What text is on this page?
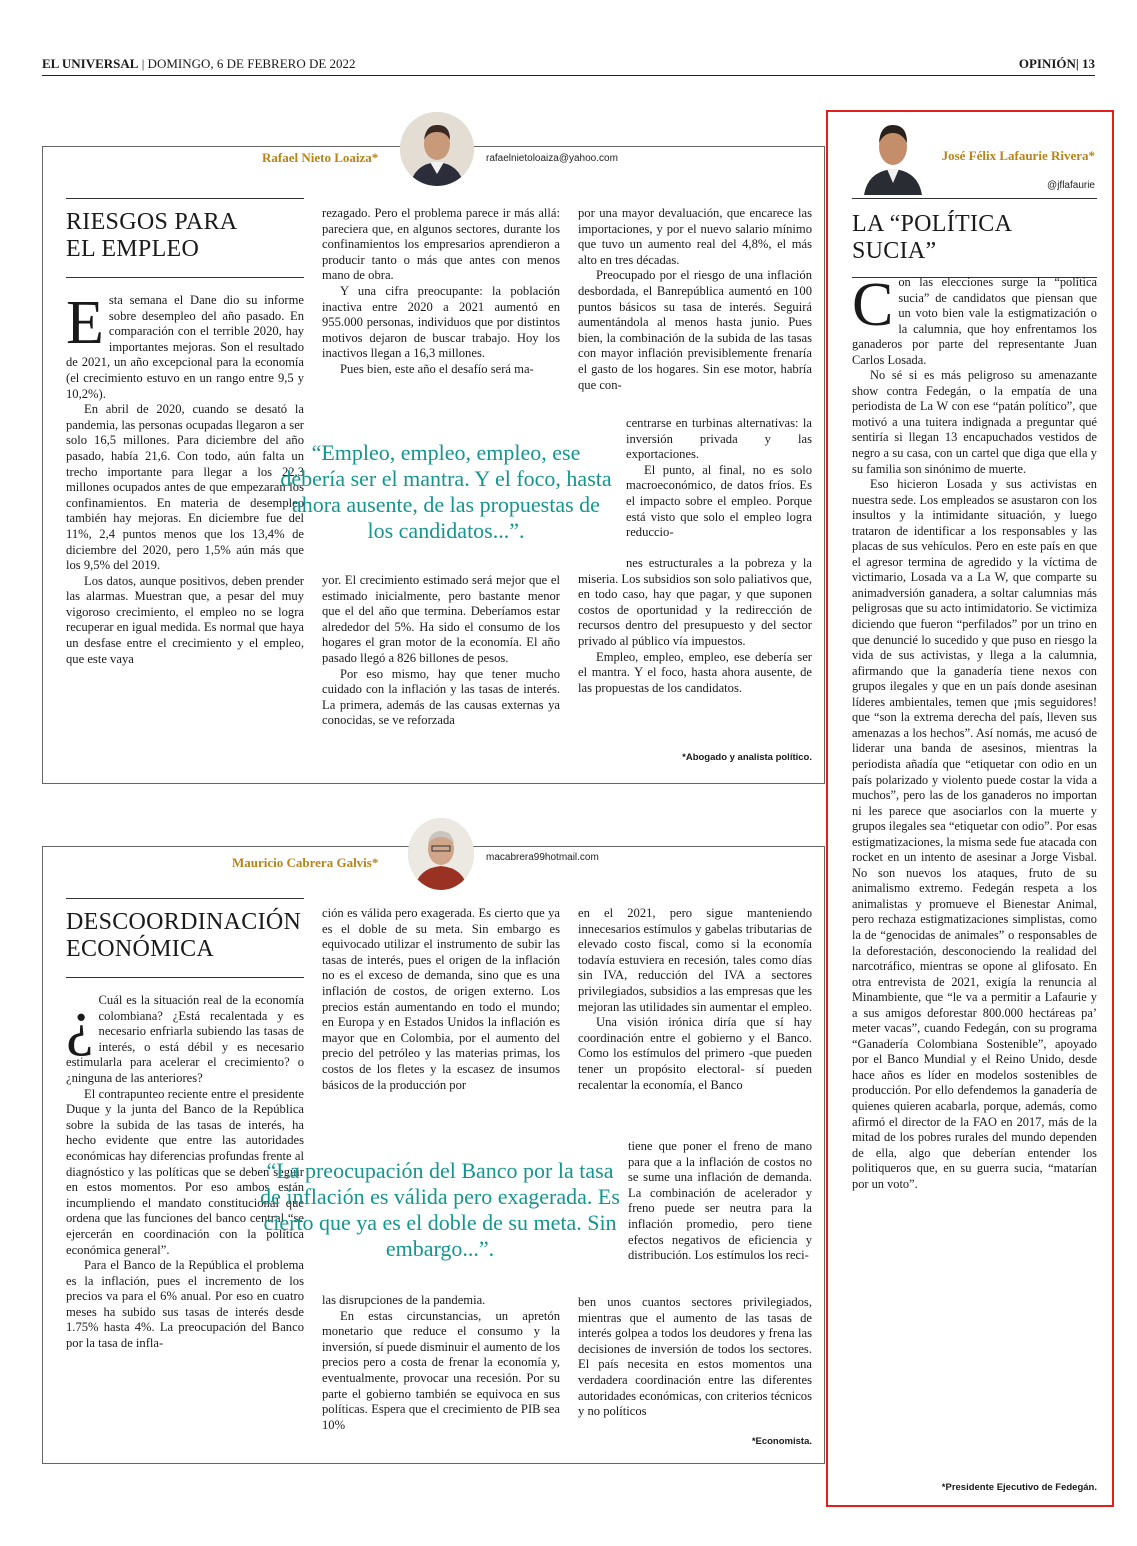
EL UNIVERSAL | DOMINGO, 6 DE FEBRERO DE 2022	OPINIÓN| 13
Rafael Nieto Loaiza*	rafaelnietoloaiza@yahoo.com
RIESGOS PARA EL EMPLEO

Esta semana el Dane dio su informe sobre desempleo del año pasado. En comparación con el terrible 2020, hay importantes mejoras. Son el resultado de 2021, un año excepcional para la economía (el crecimiento estuvo en un rango entre 9,5 y 10,2%).

En abril de 2020, cuando se desató la pandemia, las personas ocupadas llegaron a ser solo 16,5 millones. Para diciembre del año pasado, había 21,6. Con todo, aún falta un trecho importante para llegar a los 22,3 millones ocupados antes de que empezaran los confinamientos. En materia de desempleo también hay mejoras. En diciembre fue del 11%, 2,4 puntos menos que los 13,4% de diciembre del 2020, pero 1,5% aún más que los 9,5% del 2019.

Los datos, aunque positivos, deben prender las alarmas. Muestran que, a pesar del muy vigoroso crecimiento, el empleo no se logra recuperar en igual medida. Es normal que haya un desfase entre el crecimiento y el empleo, que este vaya

rezagado. Pero el problema parece ir más allá: pareciera que, en algunos sectores, durante los confinamientos los empresarios aprendieron a producir tanto o más que antes con menos mano de obra.

Y una cifra preocupante: la población inactiva entre 2020 a 2021 aumentó en 955.000 personas, individuos que por distintos motivos dejaron de buscar trabajo. Hoy los inactivos llegan a 16,3 millones.

Pues bien, este año el desafío será ma-

“Empleo, empleo, empleo, ese debería ser el mantra. Y el foco, hasta ahora ausente, de las propuestas de los candidatos...”.

yor. El crecimiento estimado será mejor que el estimado inicialmente, pero bastante menor que el del año que termina. Deberíamos estar alrededor del 5%. Ha sido el consumo de los hogares el gran motor de la economía. El año pasado llegó a 826 billones de pesos.

Por eso mismo, hay que tener mucho cuidado con la inflación y las tasas de interés. La primera, además de las causas externas ya conocidas, se ve reforzada

por una mayor devaluación, que encarece las importaciones, y por el nuevo salario mínimo que tuvo un aumento real del 4,8%, el más alto en tres décadas.

Preocupado por el riesgo de una inflación desbordada, el Banrepública aumentó en 100 puntos básicos su tasa de interés. Seguirá aumentándola al menos hasta junio. Pues bien, la combinación de la subida de las tasas con mayor inflación previsiblemente frenaría el gasto de los hogares. Sin ese motor, habría que con-

centrarse en turbinas alternativas: la inversión privada y las exportaciones.

El punto, al final, no es solo macroeconómico, de datos fríos. Es el impacto sobre el empleo. Porque está visto que solo el empleo logra reduccio-

nes estructurales a la pobreza y la miseria. Los subsidios son solo paliativos que, en todo caso, hay que pagar, y que suponen costos de oportunidad y la redirección de recursos dentro del presupuesto y del sector privado al público vía impuestos.

Empleo, empleo, empleo, ese debería ser el mantra. Y el foco, hasta ahora ausente, de las propuestas de los candidatos.

*Abogado y analista político.
Mauricio Cabrera Galvis*	macabrera99hotmail.com
DESCOORDINACIÓN ECONÓMICA

¿ Cuál es la situación real de la economía colombiana? ¿Está recalentada y es necesario enfriarla subiendo las tasas de interés, o está débil y es necesario estimularla para acelerar el crecimiento? o ¿ninguna de las anteriores?

El contrapunteo reciente entre el presidente Duque y la junta del Banco de la República sobre la subida de las tasas de interés, ha hecho evidente que entre las autoridades económicas hay diferencias profundas frente al diagnóstico y las políticas que se deben seguir en estos momentos. Por eso ambos están incumpliendo el mandato constitucional que ordena que las funciones del banco central “se ejercerán en coordinación con la política económica general”.

Para el Banco de la República el problema es la inflación, pues el incremento de los precios va para el 6% anual. Por eso en cuatro meses ha subido sus tasas de interés desde 1.75% hasta 4%. La preocupación del Banco por la tasa de infla-

ción es válida pero exagerada. Es cierto que ya es el doble de su meta. Sin embargo es equivocado utilizar el instrumento de subir las tasas de interés, pues el origen de la inflación no es el exceso de demanda, sino que es una inflación de costos, de origen externo. Los precios están aumentando en todo el mundo; en Europa y en Estados Unidos la inflación es mayor que en Colombia, por el aumento del precio del petróleo y las materias primas, los costos de los fletes y la escasez de insumos básicos de la producción por

“La preocupación del Banco por la tasa de inflación es válida pero exagerada. Es cierto que ya es el doble de su meta. Sin embargo...”.

las disrupciones de la pandemia.

En estas circunstancias, un apretón monetario que reduce el consumo y la inversión, sí puede disminuir el aumento de los precios pero a costa de frenar la economía y, eventualmente, provocar una recesión. Por su parte el gobierno también se equivoca en sus políticas. Espera que el crecimiento de PIB sea 10%

en el 2021, pero sigue manteniendo innecesarios estímulos y gabelas tributarias de elevado costo fiscal, como si la economía todavía estuviera en recesión, tales como días sin IVA, reducción del IVA a sectores privilegiados, subsidios a las empresas que les mejoran las utilidades sin aumentar el empleo.

Una visión irónica diría que sí hay coordinación entre el gobierno y el Banco. Como los estímulos del primero -que pueden tener un propósito electoral- sí pueden recalentar la economía, el Banco

tiene que poner el freno de mano para que a la inflación de costos no se sume una inflación de demanda. La combinación de acelerador y freno puede ser neutra para la inflación promedio, pero tiene efectos negativos de eficiencia y distribución. Los estímulos los reci-

ben unos cuantos sectores privilegiados, mientras que el aumento de las tasas de interés golpea a todos los deudores y frena las decisiones de inversión de todos los sectores. El país necesita en estos momentos una verdadera coordinación entre las diferentes autoridades económicas, con criterios técnicos y no políticos

*Economista.
José Félix Lafaurie Rivera*
@jflafaurie
LA “POLÍTICA SUCIA”

Con las elecciones surge la “política sucia” de candidatos que piensan que un voto bien vale la estigmatización o la calumnia, que hoy enfrentamos los ganaderos por parte del representante Juan Carlos Losada.

No sé si es más peligroso su amenazante show contra Fedegán, o la empatía de una periodista de La W con ese “patán político”, que motivó a una tuitera indignada a preguntar qué sentiría si llegan 13 encapuchados vestidos de negro a su casa, con un cartel que diga que ella y su familia son sinónimo de muerte.

Eso hicieron Losada y sus activistas en nuestra sede. Los empleados se asustaron con los insultos y la intimidante situación, y luego trataron de identificar a los responsables y las placas de sus vehículos. Pero en este país en que el agresor termina de agredido y la víctima de victimario, Losada va a La W, que comparte su animadversión ganadera, a soltar calumnias más peligrosas que su acto intimidatorio. Se victimiza diciendo que fueron “perfilados” por un trino en que denuncié lo sucedido y que puso en riesgo la vida de sus activistas, y llega a la calumnia, afirmando que la ganadería tiene nexos con grupos ilegales y que en un país donde asesinan líderes ambientales, temen que ¡mis seguidores! que “son la extrema derecha del país, lleven sus amenazas a los hechos”. Así nomás, me acusó de liderar una banda de asesinos, mientras la periodista añadía que “etiquetar con odio en un país polarizado y violento puede costar la vida a muchos”, pero las de los ganaderos no importan ni les parece que asociarlos con la muerte y grupos ilegales sea “etiquetar con odio”. Por esas estigmatizaciones, la misma sede fue atacada con rocket en un intento de asesinar a Jorge Visbal. No son nuevos los ataques, fruto de su animalismo extremo. Fedegán respeta a los animalistas y promueve el Bienestar Animal, pero rechaza estigmatizaciones simplistas, como la de “genocidas de animales” o responsables de la deforestación, desconociendo la realidad del narcotráfico, mientras se opone al glifosato. En otra entrevista de 2021, exigía la renuncia al Minambiente, que “le va a permitir a Lafaurie y a sus amigos deforestar 800.000 hectáreas pa’ meter vacas”, cuando Fedegán, con su programa “Ganadería Colombiana Sostenible”, apoyado por el Banco Mundial y el Reino Unido, desde hace años es líder en modelos sostenibles de producción. Por ello defendemos la ganadería de quienes quieren acabarla, porque, además, como afirmó el director de la FAO en 2017, más de la mitad de los pobres rurales del mundo dependen de ella, algo que deberían entender los politiqueros que, en su guerra sucia, “matarían por un voto”.

*Presidente Ejecutivo de Fedegán.
